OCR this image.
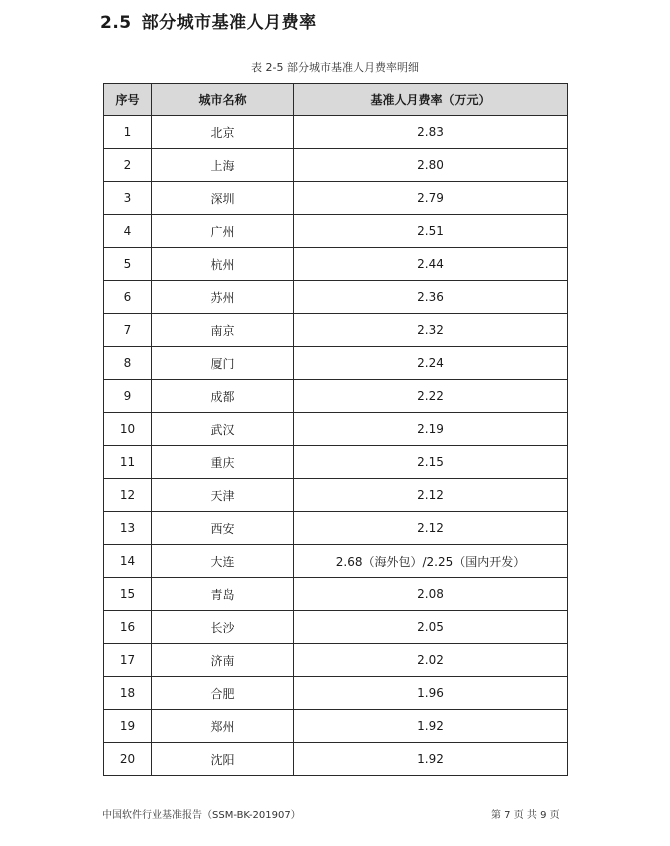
2.5 部分城市基准人月费率
表 2-5 部分城市基准人月费率明细
序号	城市名称	基准人月费率（万元）
1	北京	2.83
2	上海	2.80
3	深圳	2.79
4	广州	2.51
5	杭州	2.44
6	苏州	2.36
7	南京	2.32
8	厦门	2.24
9	成都	2.22
10	武汉	2.19
11	重庆	2.15
12	天津	2.12
13	西安	2.12
14	大连	2.68（海外包）/2.25（国内开发）
15	青岛	2.08
16	长沙	2.05
17	济南	2.02
18	合肥	1.96
19	郑州	1.92
20	沈阳	1.92
中国软件行业基准报告（SSM-BK-201907）	第 7 页 共 9 页
